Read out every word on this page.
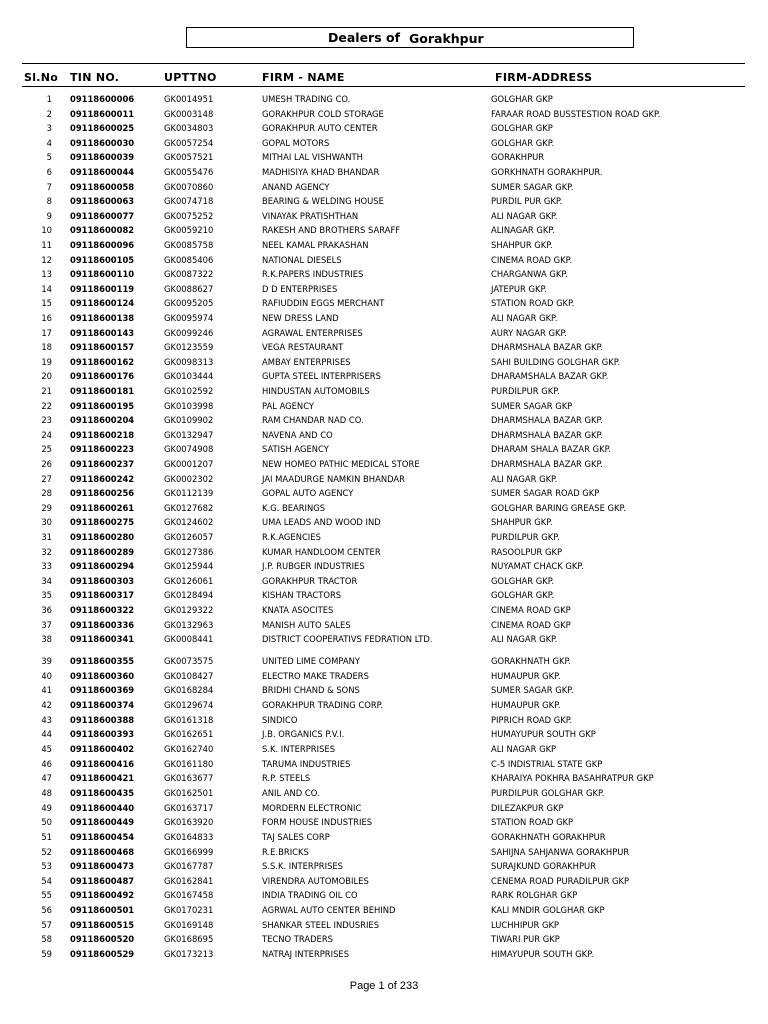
Dealers of Gorakhpur
Sl.No TIN NO.	UPTTNO	FIRM - NAME	FIRM-ADDRESS
1 09118600006	GK0014951	UMESH TRADING CO.	GOLGHAR GKP
2 09118600011	GK0003148	GORAKHPUR COLD STORAGE	FARAAR ROAD BUSSTESTION ROAD GKP.
3 09118600025	GK0034803	GORAKHPUR AUTO CENTER	GOLGHAR GKP
4 09118600030	GK0057254	GOPAL MOTORS	GOLGHAR GKP.
5 09118600039	GK0057521	MITHAI LAL VISHWANTH	GORAKHPUR
6 09118600044	GK0055476	MADHISIYA KHAD BHANDAR	GORKHNATH GORAKHPUR.
7 09118600058	GK0070860	ANAND AGENCY	SUMER SAGAR GKP.
8 09118600063	GK0074718	BEARING & WELDING HOUSE	PURDIL PUR GKP.
9 09118600077	GK0075252	VINAYAK PRATISHTHAN	ALI NAGAR GKP.
10 09118600082	GK0059210	RAKESH AND BROTHERS SARAFF	ALINAGAR GKP.
11 09118600096	GK0085758	NEEL KAMAL PRAKASHAN	SHAHPUR GKP.
12 09118600105	GK0085406	NATIONAL DIESELS	CINEMA ROAD GKP.
13 09118600110	GK0087322	R.K.PAPERS INDUSTRIES	CHARGANWA GKP.
14 09118600119	GK0088627	D D ENTERPRISES	JATEPUR GKP.
15 09118600124	GK0095205	RAFIUDDIN EGGS MERCHANT	STATION ROAD GKP.
16 09118600138	GK0095974	NEW DRESS LAND	ALI NAGAR GKP.
17 09118600143	GK0099246	AGRAWAL ENTERPRISES	AURY NAGAR GKP.
18 09118600157	GK0123559	VEGA RESTAURANT	DHARMSHALA BAZAR GKP.
19 09118600162	GK0098313	AMBAY ENTERPRISES	SAHI BUILDING GOLGHAR GKP.
20 09118600176	GK0103444	GUPTA STEEL INTERPRISERS	DHARAMSHALA BAZAR GKP.
21 09118600181	GK0102592	HINDUSTAN AUTOMOBILS	PURDILPUR GKP.
22 09118600195	GK0103998	PAL AGENCY	SUMER SAGAR GKP
23 09118600204	GK0109902	RAM CHANDAR NAD CO.	DHARMSHALA BAZAR GKP.
24 09118600218	GK0132947	NAVENA AND CO	DHARMSHALA BAZAR GKP.
25 09118600223	GK0074908	SATISH AGENCY	DHARAM SHALA BAZAR GKP.
26 09118600237	GK0001207	NEW HOMEO PATHIC MEDICAL STORE	DHARMSHALA BAZAR GKP.
27 09118600242	GK0002302	JAI MAADURGE NAMKIN BHANDAR	ALI NAGAR GKP.
28 09118600256	GK0112139	GOPAL AUTO AGENCY	SUMER SAGAR ROAD GKP
29 09118600261	GK0127682	K.G. BEARINGS	GOLGHAR BARING GREASE GKP.
30 09118600275	GK0124602	UMA LEADS AND WOOD IND	SHAHPUR GKP.
31 09118600280	GK0126057	R.K.AGENCIES	PURDILPUR GKP.
32 09118600289	GK0127386	KUMAR HANDLOOM CENTER	RASOOLPUR GKP
33 09118600294	GK0125944	J.P. RUBGER INDUSTRIES	NUYAMAT CHACK GKP.
34 09118600303	GK0126061	GORAKHPUR TRACTOR	GOLGHAR GKP.
35 09118600317	GK0128494	KISHAN TRACTORS	GOLGHAR GKP.
36 09118600322	GK0129322	KNATA ASOCITES	CINEMA ROAD GKP
37 09118600336	GK0132963	MANISH AUTO SALES	CINEMA ROAD GKP
38 09118600341	GK0008441	DISTRICT COOPERATIVS FEDRATION LTD.	ALI NAGAR GKP.
39 09118600355	GK0073575	UNITED LIME COMPANY	GORAKHNATH GKP.
40 09118600360	GK0108427	ELECTRO MAKE TRADERS	HUMAUPUR GKP.
41 09118600369	GK0168284	BRIDHI CHAND & SONS	SUMER SAGAR GKP.
42 09118600374	GK0129674	GORAKHPUR TRADING CORP.	HUMAUPUR GKP.
43 09118600388	GK0161318	SINDICO	PIPRICH ROAD GKP.
44 09118600393	GK0162651	J.B. ORGANICS P.V.I.	HUMAYUPUR SOUTH GKP
45 09118600402	GK0162740	S.K. INTERPRISES	ALI NAGAR GKP
46 09118600416	GK0161180	TARUMA INDUSTRIES	C-5 INDISTRIAL STATE GKP
47 09118600421	GK0163677	R.P. STEELS	KHARAIYA POKHRA BASAHRATPUR GKP
48 09118600435	GK0162501	ANIL AND CO.	PURDILPUR GOLGHAR GKP.
49 09118600440	GK0163717	MORDERN ELECTRONIC	DILEZAKPUR GKP
50 09118600449	GK0163920	FORM HOUSE INDUSTRIES	STATION ROAD GKP
51 09118600454	GK0164833	TAJ SALES CORP	GORAKHNATH GORAKHPUR
52 09118600468	GK0166999	R.E.BRICKS	SAHIJNA SAHJANWA GORAKHPUR
53 09118600473	GK0167787	S.S.K. INTERPRISES	SURAJKUND GORAKHPUR
54 09118600487	GK0162841	VIRENDRA AUTOMOBILES	CENEMA ROAD PURADILPUR GKP
55 09118600492	GK0167458	INDIA TRADING OIL CO	RARK ROLGHAR GKP
56 09118600501	GK0170231	AGRWAL AUTO CENTER BEHIND	KALI MNDIR GOLGHAR GKP
57 09118600515	GK0169148	SHANKAR STEEL INDUSRIES	LUCHHIPUR GKP
58 09118600520	GK0168695	TECNO TRADERS	TIWARI PUR GKP
59 09118600529	GK0173213	NATRAJ INTERPRISES	HIMAYUPUR SOUTH GKP.
Page 1 of 233
